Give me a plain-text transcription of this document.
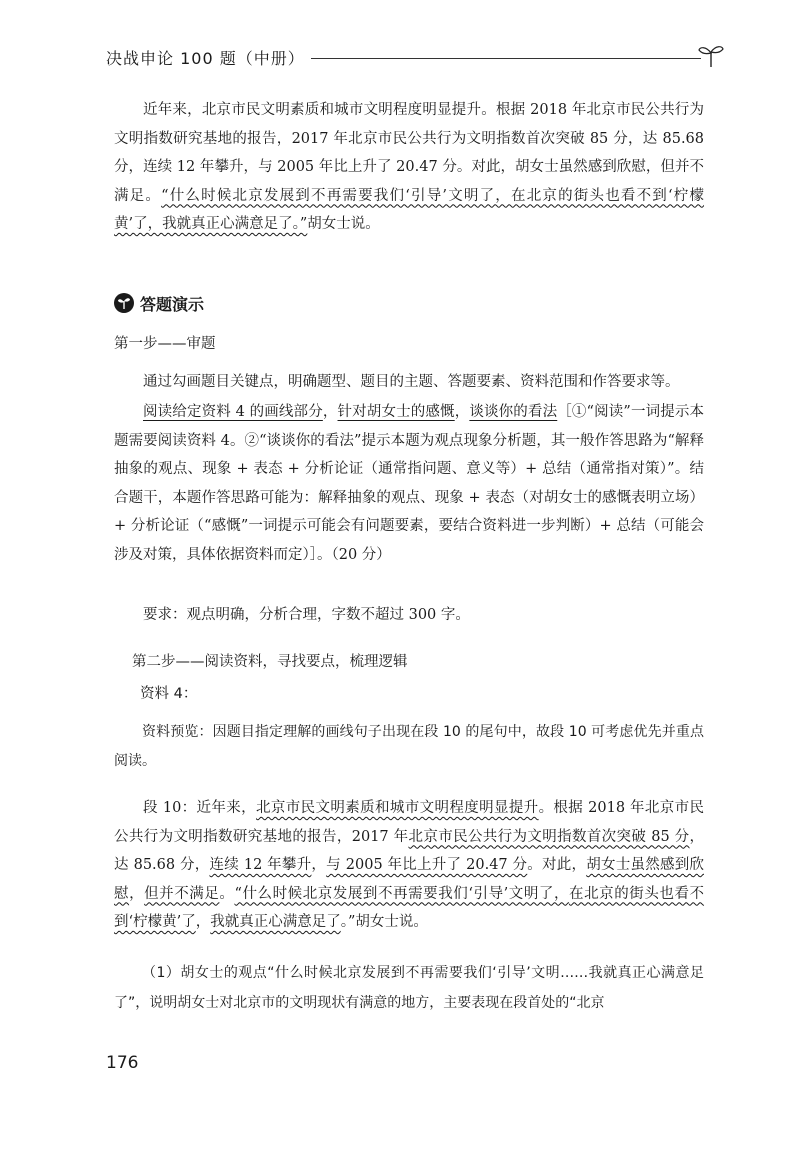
决战申论 100 题（中册）

近年来，北京市民文明素质和城市文明程度明显提升。根据 2018 年北京市民公共行为文明指数研究基地的报告，2017 年北京市民公共行为文明指数首次突破 85 分，达 85.68 分，连续 12 年攀升，与 2005 年比上升了 20.47 分。对此，胡女士虽然感到欣慰，但并不满足。“什么时候北京发展到不再需要我们‘引导’文明了，在北京的街头也看不到‘柠檬黄’了，我就真正心满意足了。”胡女士说。

答题演示

第一步——审题

通过勾画题目关键点，明确题型、题目的主题、答题要素、资料范围和作答要求等。

阅读给定资料 4 的画线部分，针对胡女士的感慨，谈谈你的看法［①“阅读”一词提示本题需要阅读资料 4。②“谈谈你的看法”提示本题为观点现象分析题，其一般作答思路为“解释抽象的观点、现象 + 表态 + 分析论证（通常指问题、意义等）+ 总结（通常指对策）”。结合题干，本题作答思路可能为：解释抽象的观点、现象 + 表态（对胡女士的感慨表明立场）+ 分析论证（“感慨”一词提示可能会有问题要素，要结合资料进一步判断）+ 总结（可能会涉及对策，具体依据资料而定）］。（20 分）

要求：观点明确，分析合理，字数不超过 300 字。

第二步——阅读资料，寻找要点，梳理逻辑

资料 4：

资料预览：因题目指定理解的画线句子出现在段 10 的尾句中，故段 10 可考虑优先并重点阅读。

段 10：近年来，北京市民文明素质和城市文明程度明显提升。根据 2018 年北京市民公共行为文明指数研究基地的报告，2017 年北京市民公共行为文明指数首次突破 85 分，达 85.68 分，连续 12 年攀升，与 2005 年比上升了 20.47 分。对此，胡女士虽然感到欣慰，但并不满足。“什么时候北京发展到不再需要我们‘引导’文明了，在北京的街头也看不到‘柠檬黄’了，我就真正心满意足了。”胡女士说。

（1）胡女士的观点“什么时候北京发展到不再需要我们‘引导’文明……我就真正心满意足了”，说明胡女士对北京市的文明现状有满意的地方，主要表现在段首处的“北京

176
